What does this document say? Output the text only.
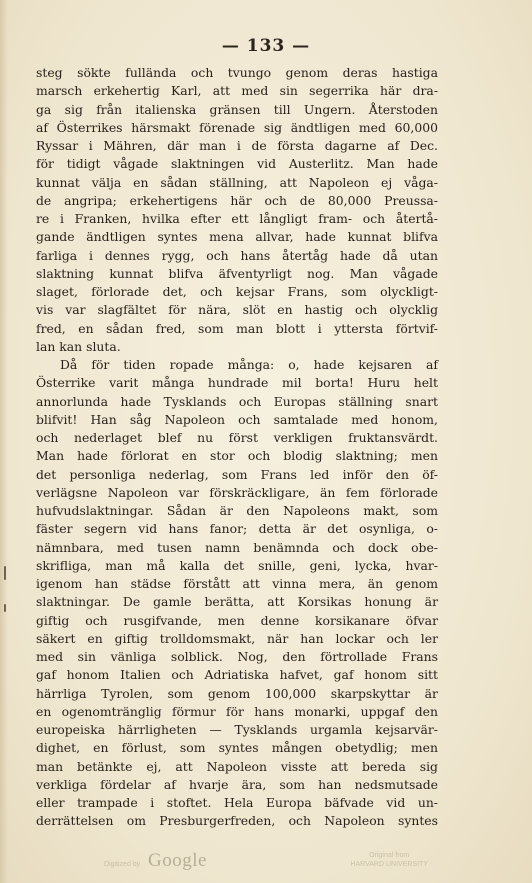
— 133 —
steg sökte fullända och tvungo genom deras hastiga
marsch erkehertig Karl, att med sin segerrika här dra-
ga sig från italienska gränsen till Ungern. Återstoden
af Österrikes härsmakt förenade sig ändtligen med 60,000
Ryssar i Mähren, där man i de första dagarne af Dec.
för tidigt vågade slaktningen vid Austerlitz. Man hade
kunnat välja en sådan ställning, att Napoleon ej våga-
de angripa; erkehertigens här och de 80,000 Preussa-
re i Franken, hvilka efter ett långligt fram- och återtå-
gande ändtligen syntes mena allvar, hade kunnat blifva
farliga i dennes rygg, och hans återtåg hade då utan
slaktning kunnat blifva äfventyrligt nog. Man vågade
slaget, förlorade det, och kejsar Frans, som olyckligt-
vis var slagfältet för nära, slöt en hastig och olycklig
fred, en sådan fred, som man blott i yttersta förtvif-
lan kan sluta.
Då för tiden ropade många: o, hade kejsaren af
Österrike varit många hundrade mil borta! Huru helt
annorlunda hade Tysklands och Europas ställning snart
blifvit! Han såg Napoleon och samtalade med honom,
och nederlaget blef nu först verkligen fruktansvärdt.
Man hade förlorat en stor och blodig slaktning; men
det personliga nederlag, som Frans led inför den öf-
verlägsne Napoleon var förskräckligare, än fem förlorade
hufvudslaktningar. Sådan är den Napoleons makt, som
fäster segern vid hans fanor; detta är det osynliga, o-
nämnbara, med tusen namn benämnda och dock obe-
skrifliga, man må kalla det snille, geni, lycka, hvar-
igenom han städse förstått att vinna mera, än genom
slaktningar. De gamle berätta, att Korsikas honung är
giftig och rusgifvande, men denne korsikanare öfvar
säkert en giftig trolldomsmakt, när han lockar och ler
med sin vänliga solblick. Nog, den förtrollade Frans
gaf honom Italien och Adriatiska hafvet, gaf honom sitt
härrliga Tyrolen, som genom 100,000 skarpskyttar är
en ogenomtränglig förmur för hans monarki, uppgaf den
europeiska härrligheten — Tysklands urgamla kejsarvär-
dighet, en förlust, som syntes mången obetydlig; men
man betänkte ej, att Napoleon visste att bereda sig
verkliga fördelar af hvarje ära, som han nedsmutsade
eller trampade i stoftet. Hela Europa bäfvade vid un-
derrättelsen om Presburgerfreden, och Napoleon syntes
Digitized by Google	Original from
HARVARD UNIVERSITY
